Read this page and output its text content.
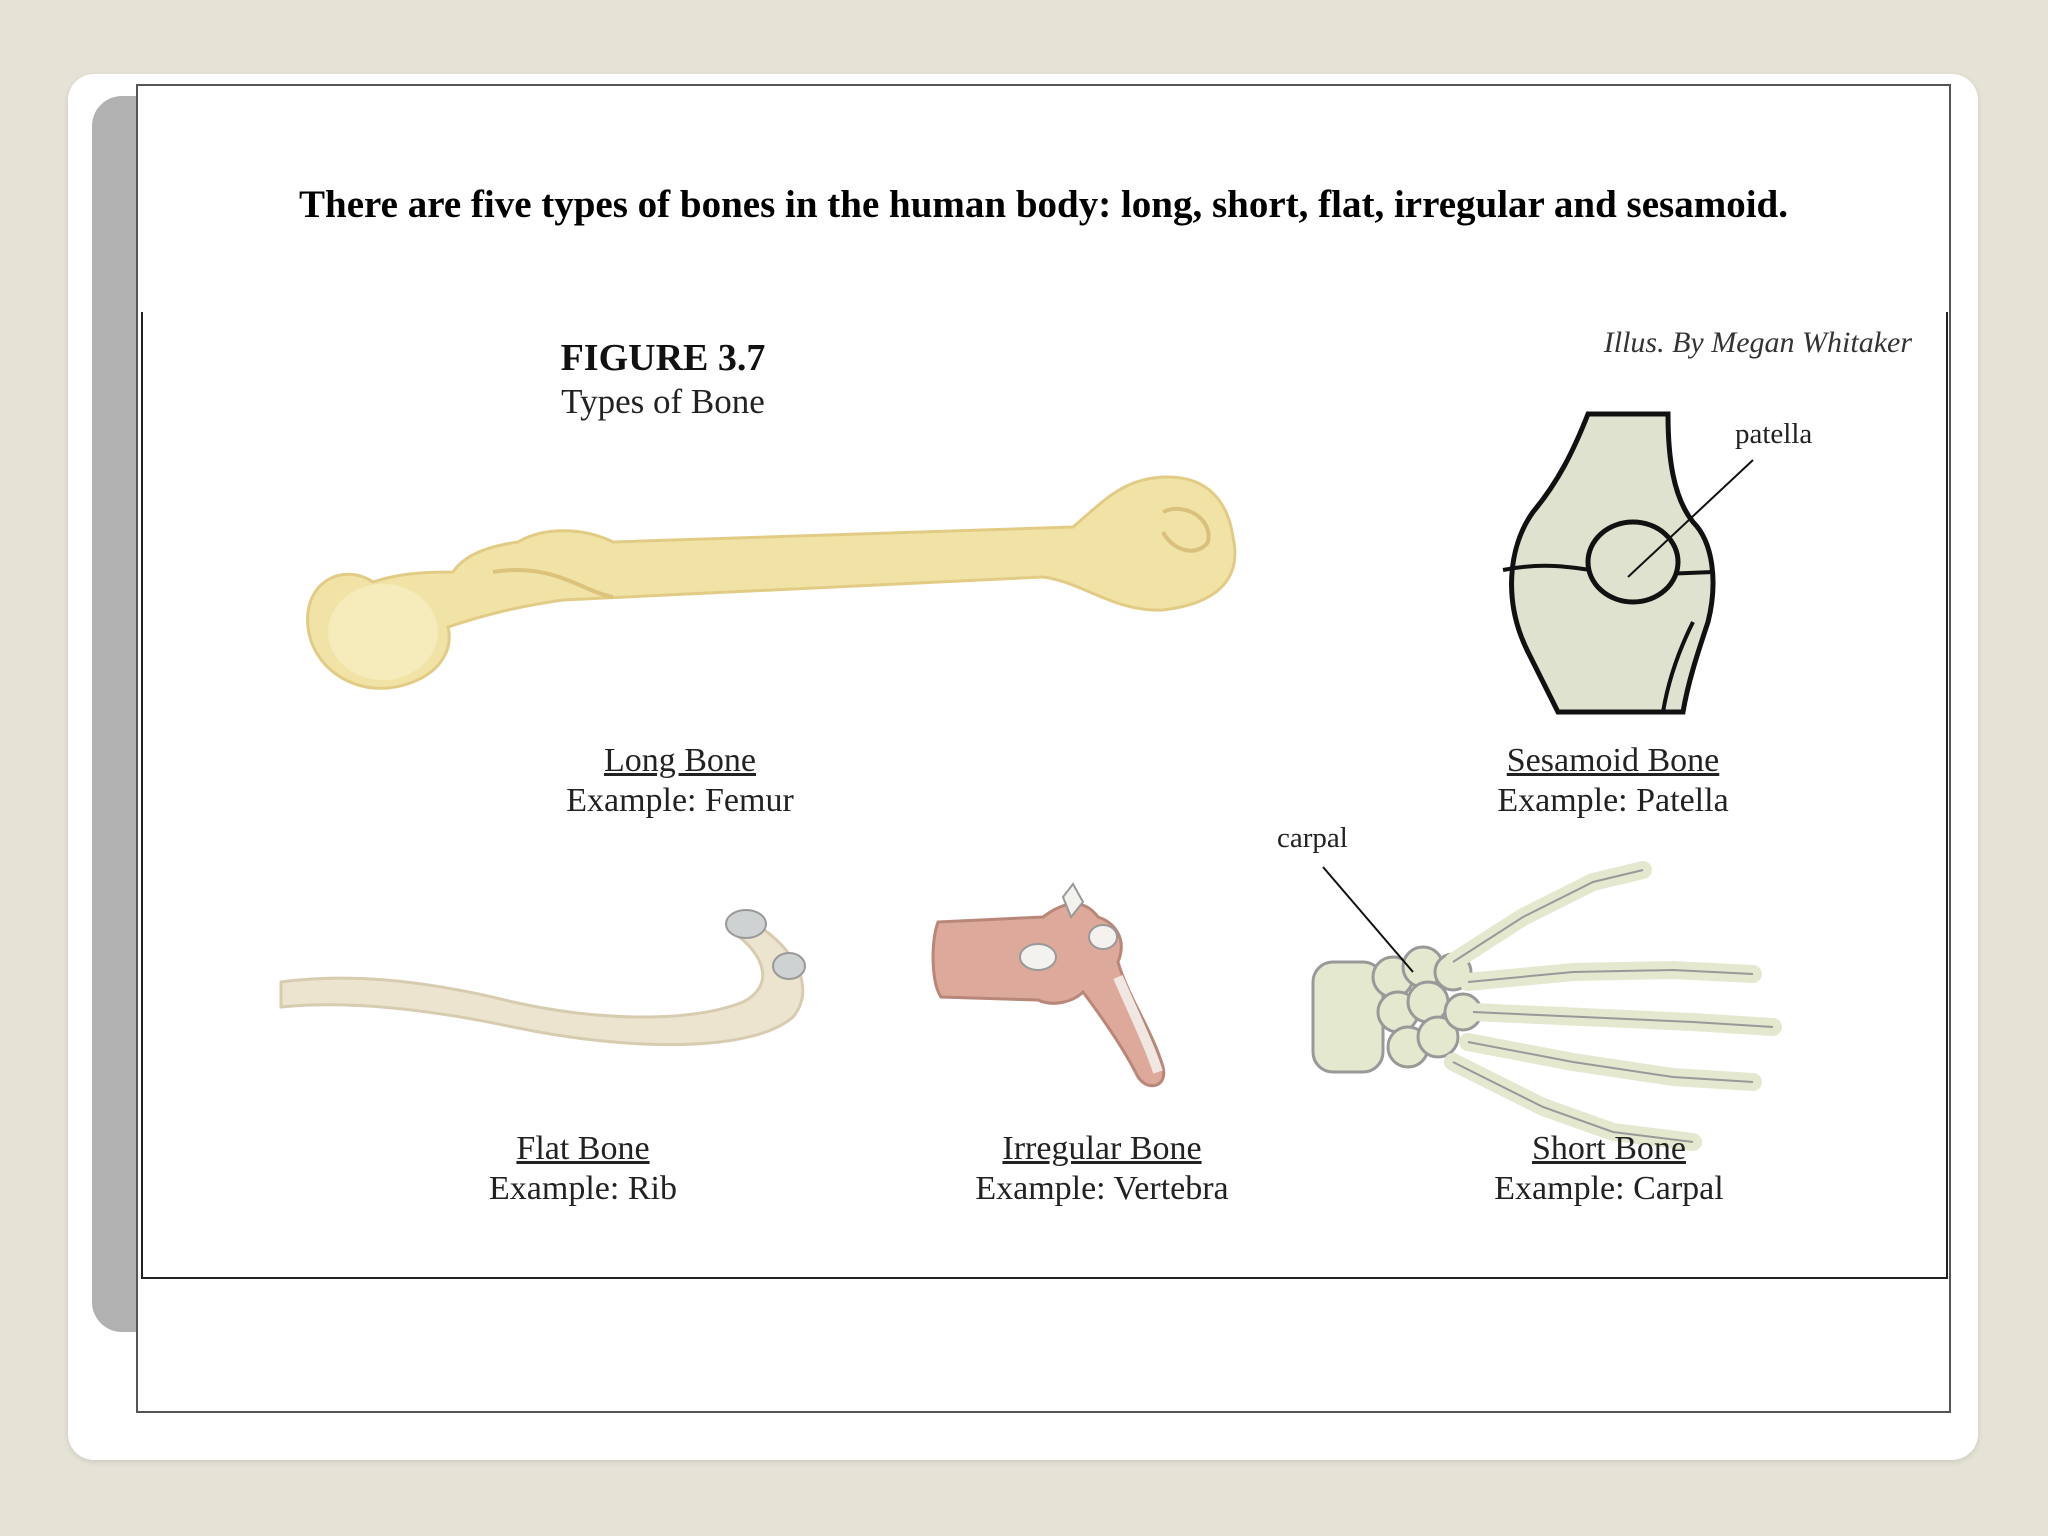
There are five types of bones in the human body: long, short, flat, irregular and sesamoid.
FIGURE 3.7
Types of Bone
Illus. By Megan Whitaker
patella
carpal
Long Bone
Example: Femur
Sesamoid Bone
Example: Patella
Flat Bone
Example: Rib
Irregular Bone
Example: Vertebra
Short Bone
Example: Carpal
